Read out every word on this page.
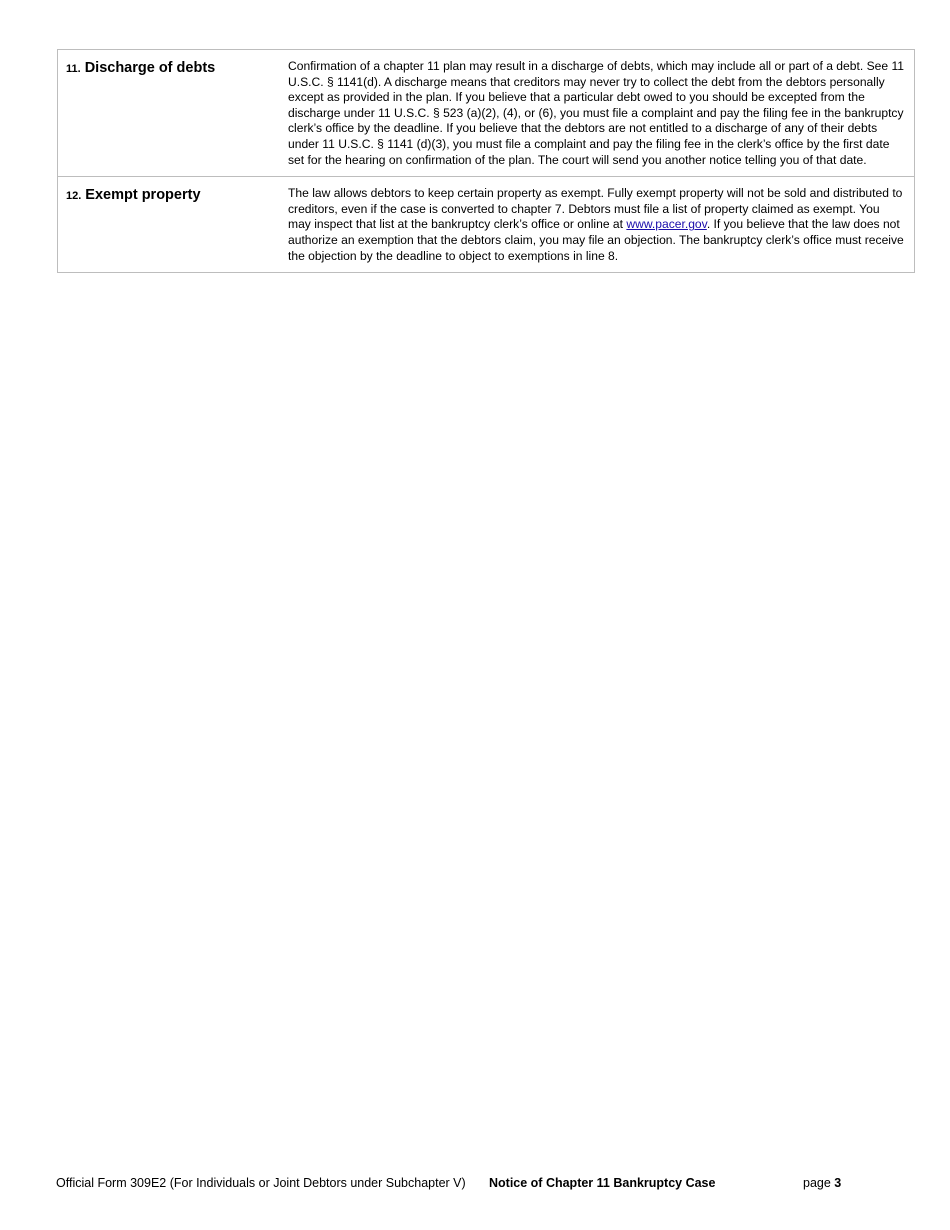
11. Discharge of debts	Confirmation of a chapter 11 plan may result in a discharge of debts, which may include all or part of a debt. See 11 U.S.C. § 1141(d). A discharge means that creditors may never try to collect the debt from the debtors personally except as provided in the plan. If you believe that a particular debt owed to you should be excepted from the discharge under 11 U.S.C. § 523 (a)(2), (4), or (6), you must file a complaint and pay the filing fee in the bankruptcy clerk’s office by the deadline. If you believe that the debtors are not entitled to a discharge of any of their debts under 11 U.S.C. § 1141 (d)(3), you must file a complaint and pay the filing fee in the clerk’s office by the first date set for the hearing on confirmation of the plan. The court will send you another notice telling you of that date.
12. Exempt property	The law allows debtors to keep certain property as exempt. Fully exempt property will not be sold and distributed to creditors, even if the case is converted to chapter 7. Debtors must file a list of property claimed as exempt. You may inspect that list at the bankruptcy clerk’s office or online at www.pacer.gov. If you believe that the law does not authorize an exemption that the debtors claim, you may file an objection. The bankruptcy clerk’s office must receive the objection by the deadline to object to exemptions in line 8.
Official Form 309E2 (For Individuals or Joint Debtors under Subchapter V) Notice of Chapter 11 Bankruptcy Case	page 3
